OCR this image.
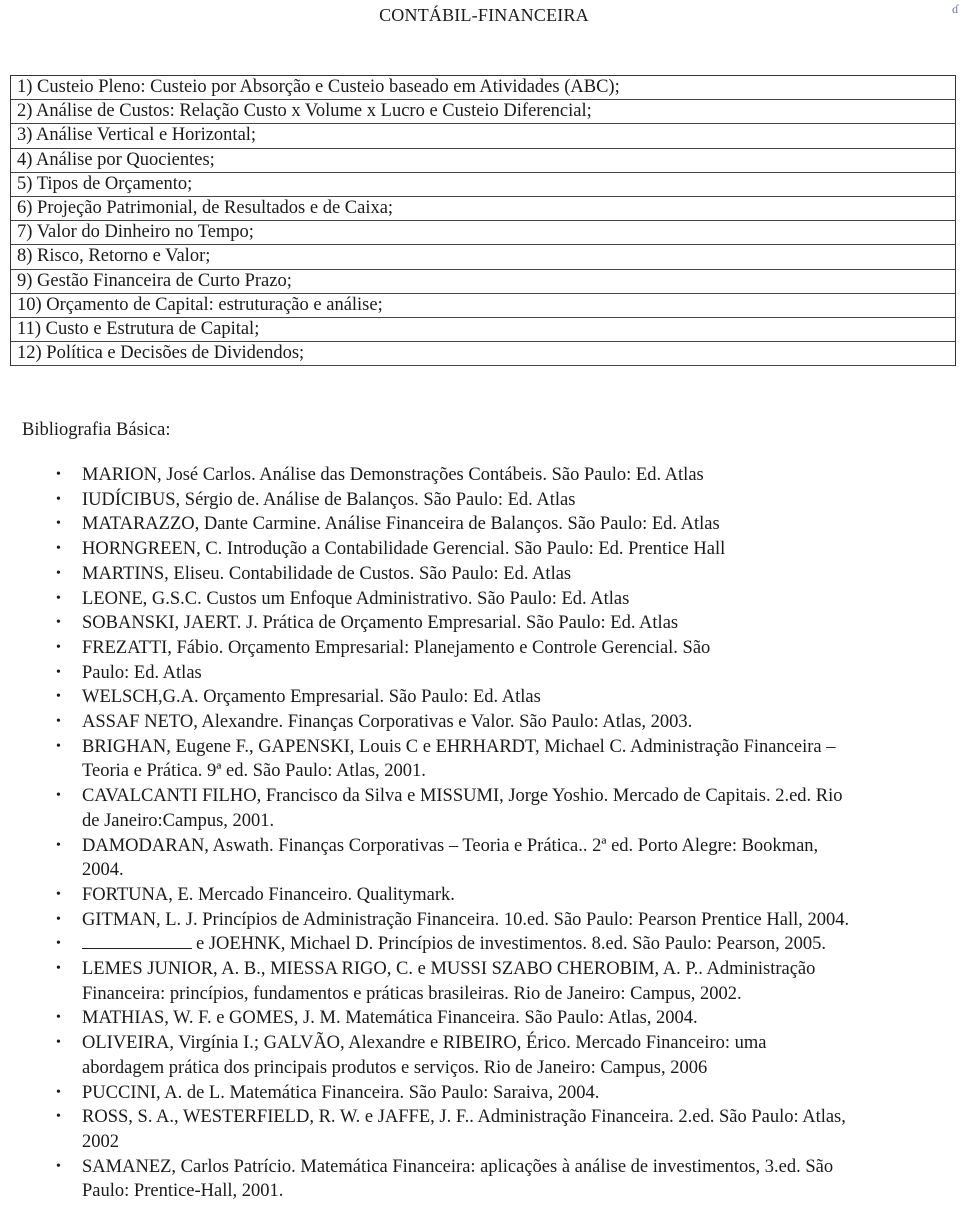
CONTÁBIL-FINANCEIRA	ɗ
1) Custeio Pleno: Custeio por Absorção e Custeio baseado em Atividades (ABC);
2) Análise de Custos: Relação Custo x Volume x Lucro e Custeio Diferencial;
3) Análise Vertical e Horizontal;
4) Análise por Quocientes;
5) Tipos de Orçamento;
6) Projeção Patrimonial, de Resultados e de Caixa;
7) Valor do Dinheiro no Tempo;
8) Risco, Retorno e Valor;
9) Gestão Financeira de Curto Prazo;
10) Orçamento de Capital: estruturação e análise;
11) Custo e Estrutura de Capital;
12) Política e Decisões de Dividendos;
Bibliografia Básica:
• MARION, José Carlos. Análise das Demonstrações Contábeis. São Paulo: Ed. Atlas
• IUDÍCIBUS, Sérgio de. Análise de Balanços. São Paulo: Ed. Atlas
• MATARAZZO, Dante Carmine. Análise Financeira de Balanços. São Paulo: Ed. Atlas
• HORNGREEN, C. Introdução a Contabilidade Gerencial. São Paulo: Ed. Prentice Hall
• MARTINS, Eliseu. Contabilidade de Custos. São Paulo: Ed. Atlas
• LEONE, G.S.C. Custos um Enfoque Administrativo. São Paulo: Ed. Atlas
• SOBANSKI, JAERT. J. Prática de Orçamento Empresarial. São Paulo: Ed. Atlas
• FREZATTI, Fábio. Orçamento Empresarial: Planejamento e Controle Gerencial. São
• Paulo: Ed. Atlas
• WELSCH,G.A. Orçamento Empresarial. São Paulo: Ed. Atlas
• ASSAF NETO, Alexandre. Finanças Corporativas e Valor. São Paulo: Atlas, 2003.
• BRIGHAN, Eugene F., GAPENSKI, Louis C e EHRHARDT, Michael C. Administração Financeira –
Teoria e Prática. 9ª ed. São Paulo: Atlas, 2001.
• CAVALCANTI FILHO, Francisco da Silva e MISSUMI, Jorge Yoshio. Mercado de Capitais. 2.ed. Rio
de Janeiro:Campus, 2001.
• DAMODARAN, Aswath. Finanças Corporativas – Teoria e Prática.. 2ª ed. Porto Alegre: Bookman,
2004.
• FORTUNA, E. Mercado Financeiro. Qualitymark.
• GITMAN, L. J. Princípios de Administração Financeira. 10.ed. São Paulo: Pearson Prentice Hall, 2004.
•	e JOEHNK, Michael D. Princípios de investimentos. 8.ed. São Paulo: Pearson, 2005.
• LEMES JUNIOR, A. B., MIESSA RIGO, C. e MUSSI SZABO CHEROBIM, A. P.. Administração
Financeira: princípios, fundamentos e práticas brasileiras. Rio de Janeiro: Campus, 2002.
• MATHIAS, W. F. e GOMES, J. M. Matemática Financeira. São Paulo: Atlas, 2004.
• OLIVEIRA, Virgínia I.; GALVÃO, Alexandre e RIBEIRO, Érico. Mercado Financeiro: uma
abordagem prática dos principais produtos e serviços. Rio de Janeiro: Campus, 2006
• PUCCINI, A. de L. Matemática Financeira. São Paulo: Saraiva, 2004.
• ROSS, S. A., WESTERFIELD, R. W. e JAFFE, J. F.. Administração Financeira. 2.ed. São Paulo: Atlas,
2002
• SAMANEZ, Carlos Patrício. Matemática Financeira: aplicações à análise de investimentos, 3.ed. São
Paulo: Prentice-Hall, 2001.
